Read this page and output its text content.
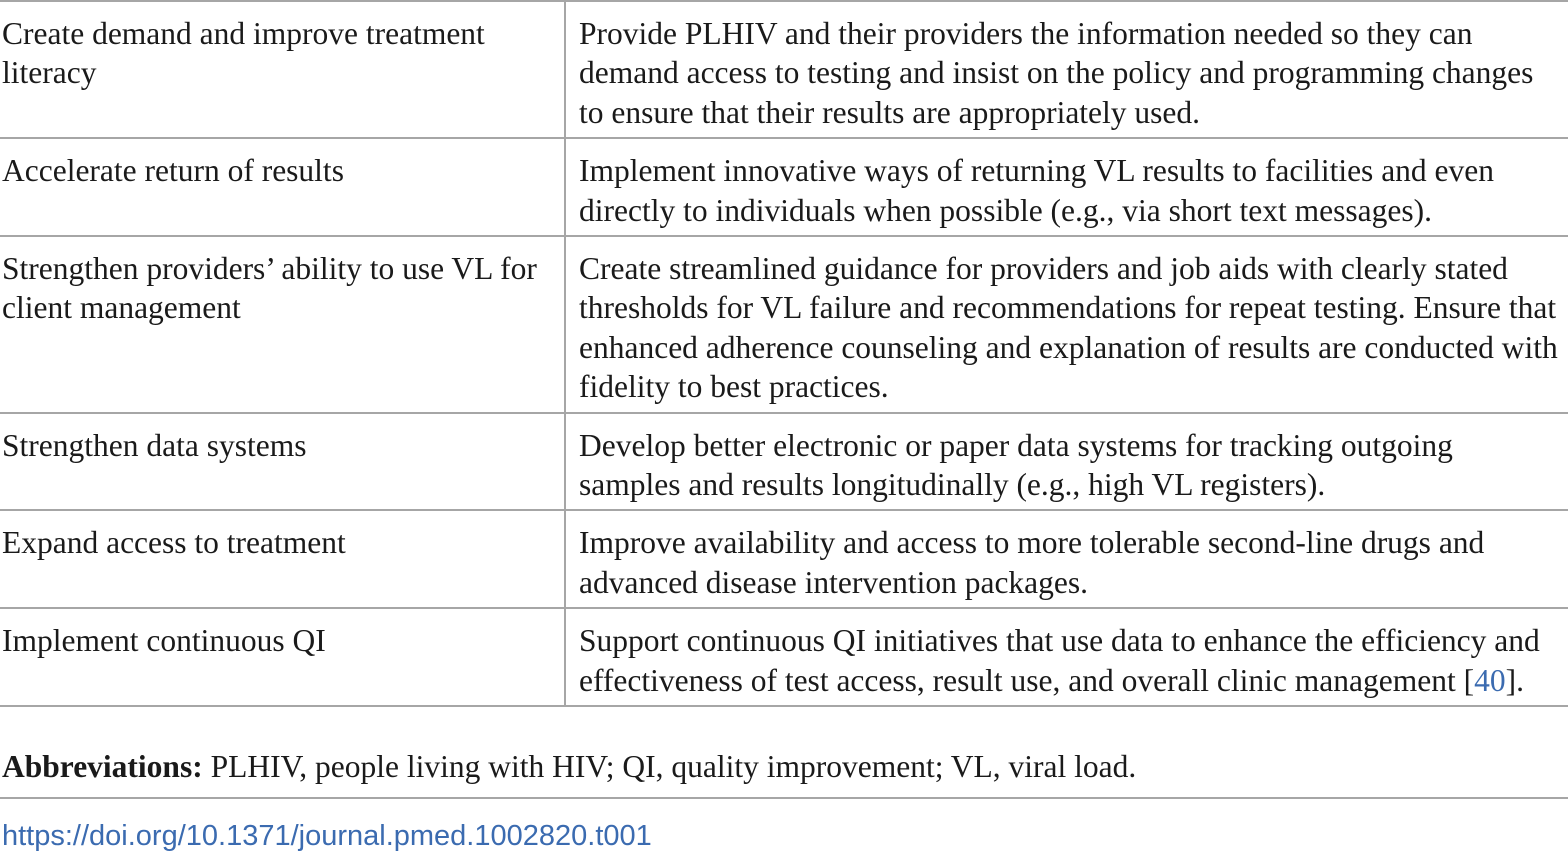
Create demand and improve treatment literacy	Provide PLHIV and their providers the information needed so they can demand access to testing and insist on the policy and programming changes to ensure that their results are appropriately used.
Accelerate return of results	Implement innovative ways of returning VL results to facilities and even directly to individuals when possible (e.g., via short text messages).
Strengthen providers’ ability to use VL for client management	Create streamlined guidance for providers and job aids with clearly stated thresholds for VL failure and recommendations for repeat testing. Ensure that enhanced adherence counseling and explanation of results are conducted with fidelity to best practices.
Strengthen data systems	Develop better electronic or paper data systems for tracking outgoing samples and results longitudinally (e.g., high VL registers).
Expand access to treatment	Improve availability and access to more tolerable second-line drugs and advanced disease intervention packages.
Implement continuous QI	Support continuous QI initiatives that use data to enhance the efficiency and effectiveness of test access, result use, and overall clinic management [40].
Abbreviations: PLHIV, people living with HIV; QI, quality improvement; VL, viral load.
https://doi.org/10.1371/journal.pmed.1002820.t001
